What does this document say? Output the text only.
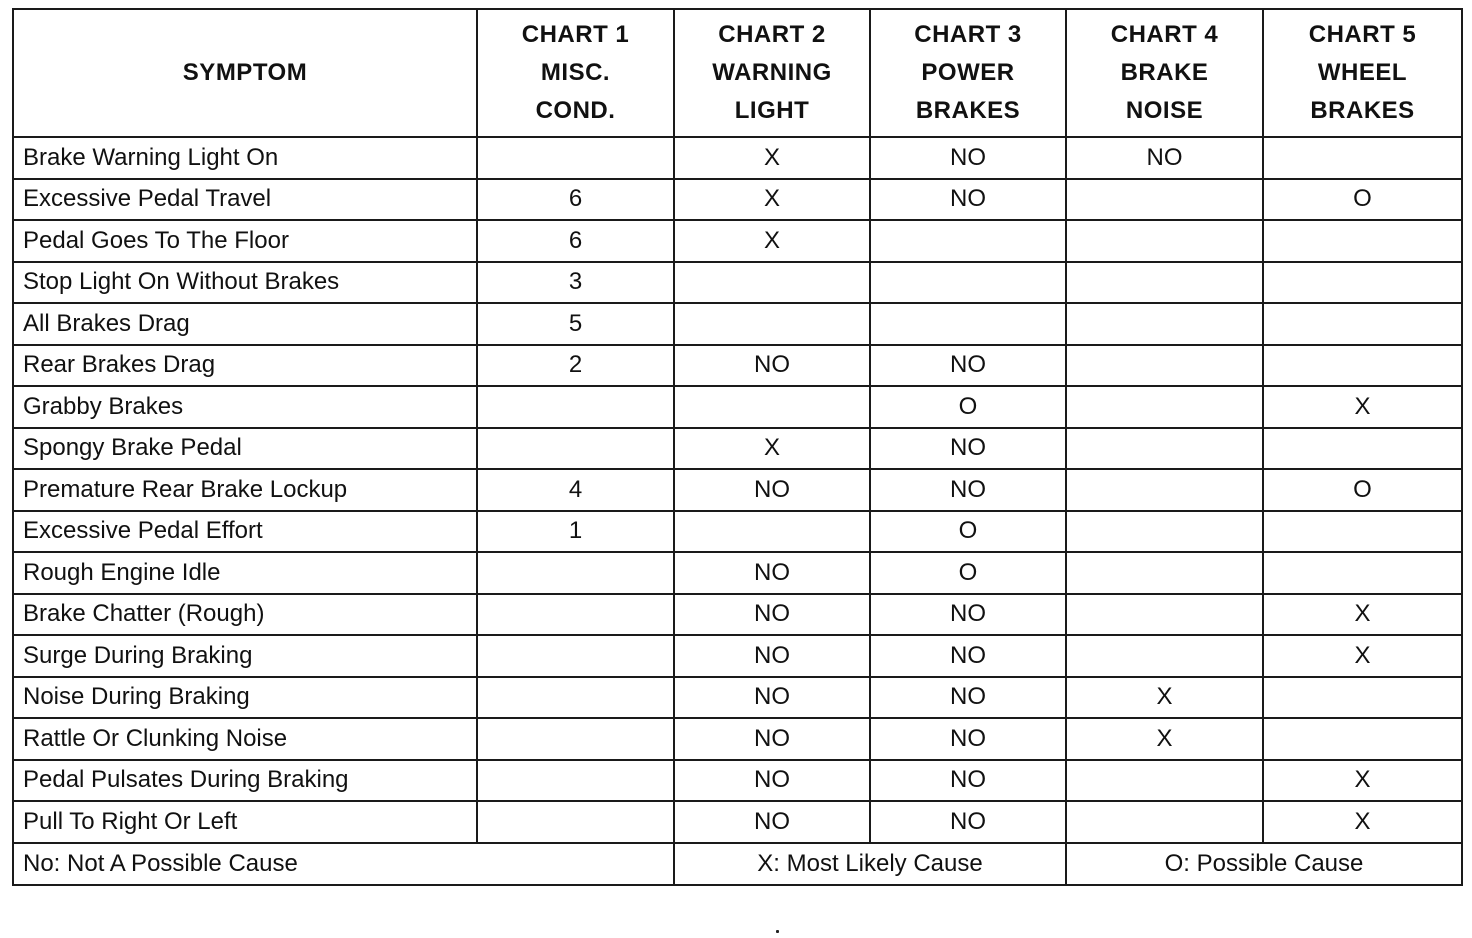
SYMPTOM	CHART 1
MISC.
COND.	CHART 2
WARNING
LIGHT	CHART 3
POWER
BRAKES	CHART 4
BRAKE
NOISE	CHART 5
WHEEL
BRAKES

Brake Warning Light On		X	NO	NO	
Excessive Pedal Travel	6	X	NO		O
Pedal Goes To The Floor	6	X			
Stop Light On Without Brakes	3				
All Brakes Drag	5				
Rear Brakes Drag	2	NO	NO		
Grabby Brakes			O		X
Spongy Brake Pedal		X	NO		
Premature Rear Brake Lockup	4	NO	NO		O
Excessive Pedal Effort	1		O		
Rough Engine Idle		NO	O		
Brake Chatter (Rough)		NO	NO		X
Surge During Braking		NO	NO		X
Noise During Braking		NO	NO	X	
Rattle Or Clunking Noise		NO	NO	X	
Pedal Pulsates During Braking		NO	NO		X
Pull To Right Or Left		NO	NO		X
No: Not A Possible Cause		X: Most Likely Cause		O: Possible Cause	
